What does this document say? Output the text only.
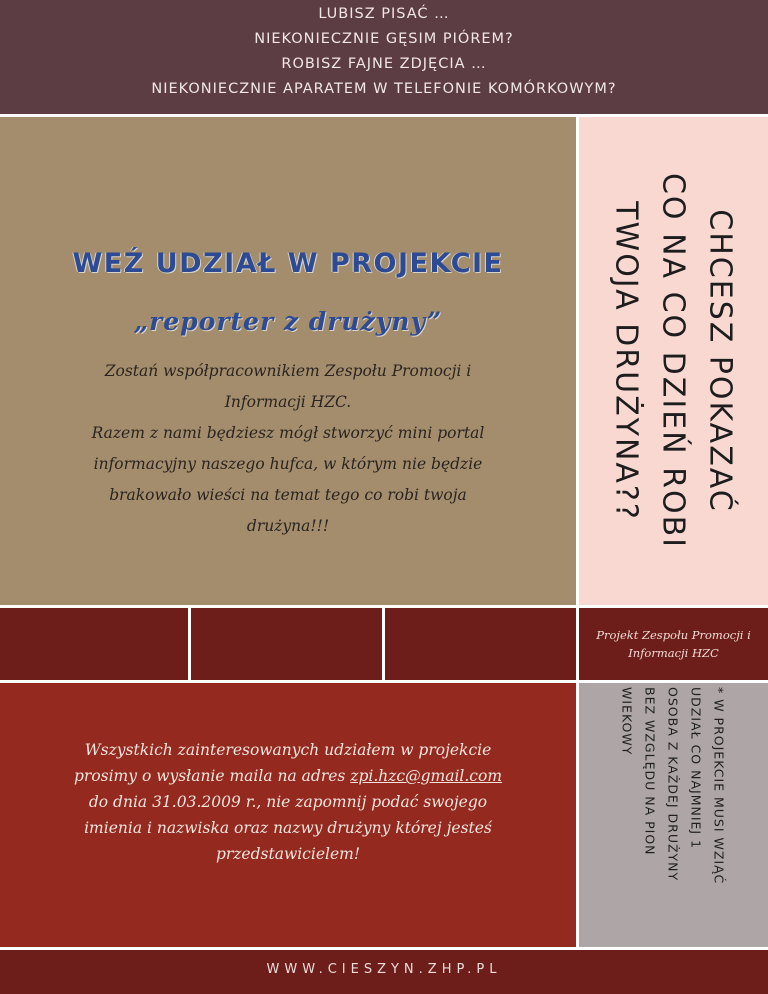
LUBISZ PISAĆ …
NIEKONIECZNIE GĘSIM PIÓREM?
ROBISZ FAJNE ZDJĘCIA …
NIEKONIECZNIE APARATEM W TELEFONIE KOMÓRKOWYM?
WEŹ UDZIAŁ W PROJEKCIE
„reporter z drużyny”
Zostań współpracownikiem Zespołu Promocji i
Informacji HZC.
Razem z nami będziesz mógł stworzyć mini portal
informacyjny naszego hufca, w którym nie będzie
brakowało wieści na temat tego co robi twoja
drużyna!!!
CHCESZ POKAZAĆ
CO NA CO DZIEŃ ROBI
TWOJA DRUŻYNA??
Projekt Zespołu Promocji i
Informacji HZC
Wszystkich zainteresowanych udziałem w projekcie
prosimy o wysłanie maila na adres zpi.hzc@gmail.com
do dnia 31.03.2009 r., nie zapomnij podać swojego
imienia i nazwiska oraz nazwy drużyny której jesteś
przedstawicielem!	* W PROJEKCIE MUSI WZIĄĆ
UDZIAŁ CO NAJMNIEJ 1
OSOBA Z KAŻDEJ DRUŻYNY
BEZ WZGLĘDU NA PION
WIEKOWY
WWW.CIESZYN.ZHP.PL
